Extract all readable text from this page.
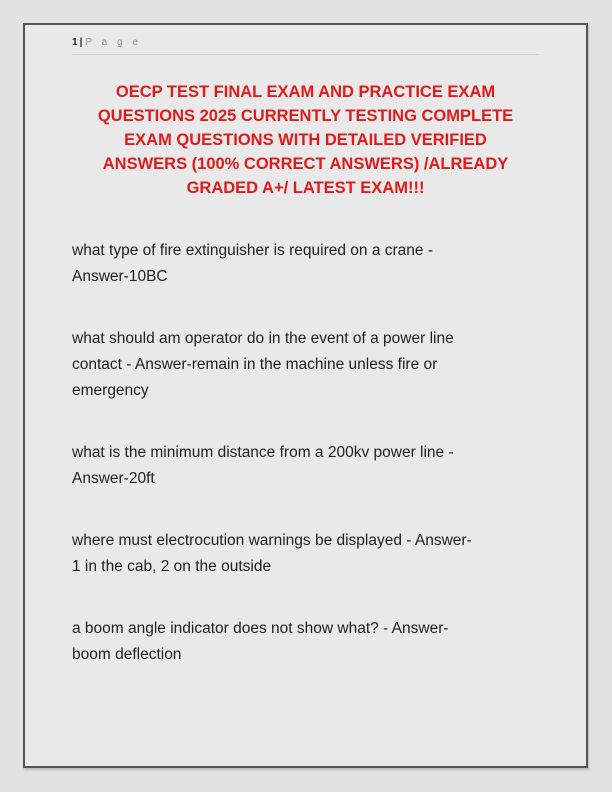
1 | P a g e
OECP TEST FINAL EXAM AND PRACTICE EXAM
QUESTIONS 2025 CURRENTLY TESTING COMPLETE
EXAM QUESTIONS WITH DETAILED VERIFIED
ANSWERS (100% CORRECT ANSWERS) /ALREADY
GRADED A+/ LATEST EXAM!!!

what type of fire extinguisher is required on a crane -
Answer-10BC

what should am operator do in the event of a power line
contact - Answer-remain in the machine unless fire or
emergency

what is the minimum distance from a 200kv power line -
Answer-20ft

where must electrocution warnings be displayed - Answer-
1 in the cab, 2 on the outside

a boom angle indicator does not show what? - Answer-
boom deflection
